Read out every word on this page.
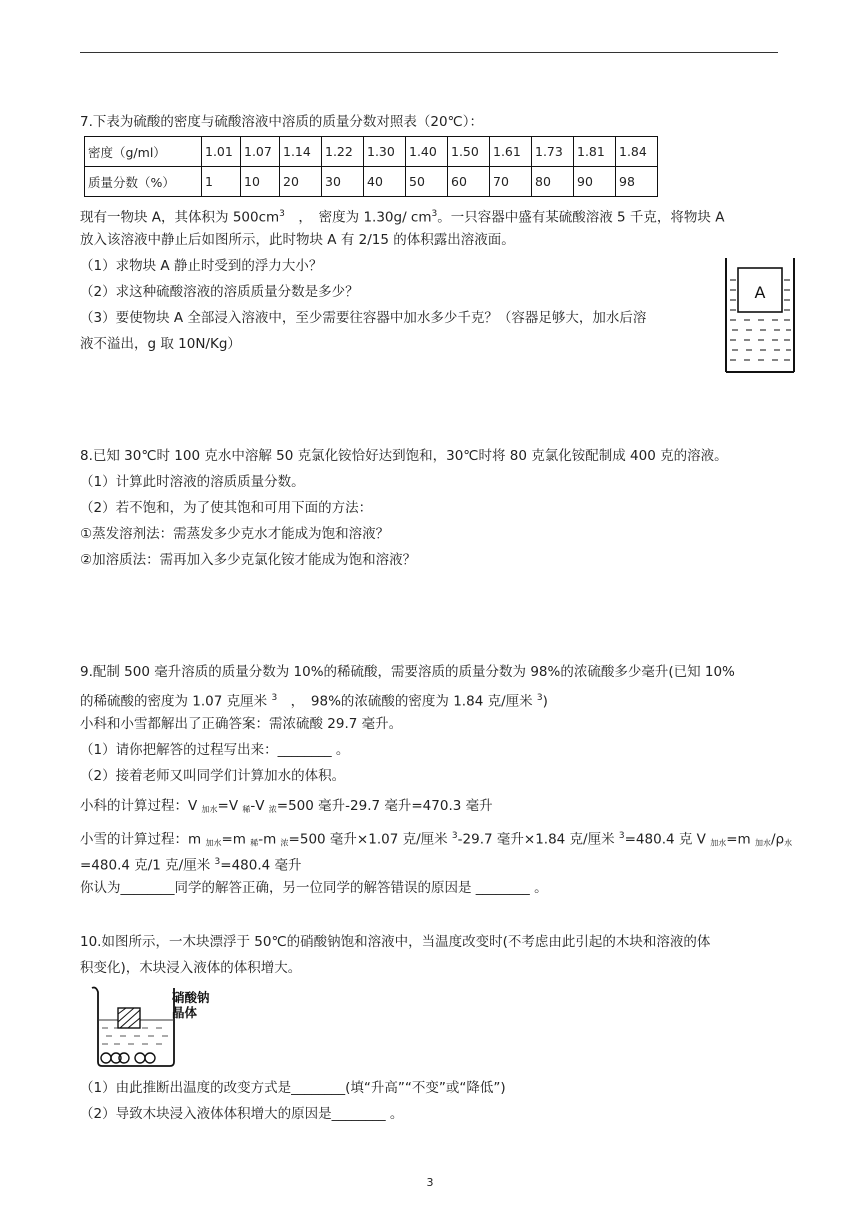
7.下表为硫酸的密度与硫酸溶液中溶质的质量分数对照表（20℃）：
密度（g/ml）	1.01	1.07	1.14	1.22	1.30	1.40	1.50	1.61	1.73	1.81	1.84
质量分数（%）	1	10	20	30	40	50	60	70	80	90	98
现有一物块 A，其体积为 $500cm^3$　，　密度为 1.30g/ $cm^3$。一只容器中盛有某硫酸溶液 5 千克，将物块 A
放入该溶液中静止后如图所示，此时物块 A 有 2/15 的体积露出溶液面。
（1）求物块 A 静止时受到的浮力大小？
（2）求这种硫酸溶液的溶质质量分数是多少？
（3）要使物块 A 全部浸入溶液中，至少需要往容器中加水多少千克？（容器足够大，加水后溶
液不溢出，g 取 10N/Kg）
A
8.已知 30℃时 100 克水中溶解 50 克氯化铵恰好达到饱和，30℃时将 80 克氯化铵配制成 400 克的溶液。
（1）计算此时溶液的溶质质量分数。
（2）若不饱和，为了使其饱和可用下面的方法：
①蒸发溶剂法：需蒸发多少克水才能成为饱和溶液？
②加溶质法：需再加入多少克氯化铵才能成为饱和溶液？
9.配制 500 毫升溶质的质量分数为 10%的稀硫酸，需要溶质的质量分数为 98%的浓硫酸多少毫升(已知 10%
的稀硫酸的密度为 1.07 克厘米 $^3$　，　98%的浓硫酸的密度为 1.84 克/厘米 $^3$)
小科和小雪都解出了正确答案：需浓硫酸 29.7 毫升。
（1）请你把解答的过程写出来：________ 。
（2）接着老师又叫同学们计算加水的体积。
小科的计算过程：V $_{加水}$=V $_稀$-V $_浓$=500 毫升-29.7 毫升=470.3 毫升
小雪的计算过程：m $_{加水}$=m $_稀$-m $_浓$=500 毫升×1.07 克/厘米 $^3$-29.7 毫升×1.84 克/厘米 $^3$=480.4 克 V $_{加水}$=m $_{加水}/\rho_水$
=480.4 克/1 克/厘米 $^3$=480.4 毫升
你认为________同学的解答正确，另一位同学的解答错误的原因是 ________ 。
10.如图所示，一木块漂浮于 50℃的硝酸钠饱和溶液中，当温度改变时(不考虑由此引起的木块和溶液的体
积变化)，木块浸入液体的体积增大。
硝酸钠
晶体
（1）由此推断出温度的改变方式是________(填“升高”“不变”或“降低”)
（2）导致木块浸入液体体积增大的原因是________ 。
3
